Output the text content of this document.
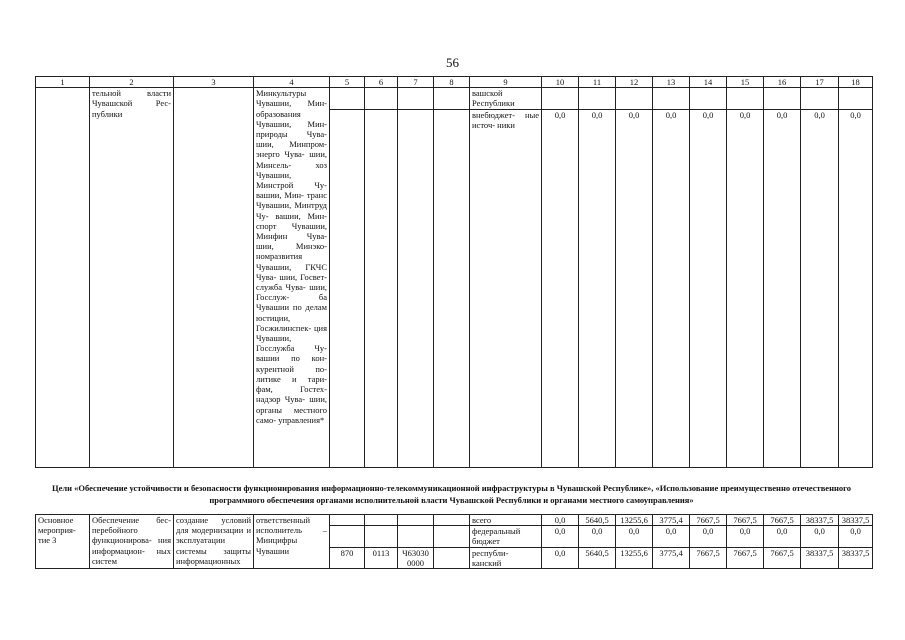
56
1	2	3	4	5	6	7	8	9	10	11	12	13	14	15	16	17	18
	тельной власти Чувашской Рес- публики		Минкультуры Чувашии, Мин- образования Чувашии, Мин- природы Чува- шии, Минпром- энерго Чува- шии, Минсель- хоз Чувашии, Минстрой Чу- вашии, Мин- транс Чувашии, Минтруд Чу- вашии, Мин- спорт Чувашии, Минфин Чува- шии, Минэко- номразвития Чувашии, ГКЧС Чува- шии, Госвет- служба Чува- шии, Госслуж- ба Чувашии по делам юстиции, Госжилинспек- ция Чувашии, Госслужба Чу- вашии по кон- курентной по- литике и тари- фам, Гостех- надзор Чува- шии, органы местного само- управления*					вашской Республики									
								внебюджет- ные источ- ники	0,0	0,0	0,0	0,0	0,0	0,0	0,0	0,0	0,0
Цели «Обеспечение устойчивости и безопасности функционирования информационно-телекоммуникационной инфраструктуры в Чувашской Республике», «Использование преимущественно отечественного программного обеспечения органами исполнительной власти Чувашской Республики и органами местного самоуправления»
Основное мероприя- тие 3	Обеспечение бес- перебойного функционирова- ния информацион- ных систем	создание условий для модернизации и эксплуатации системы защиты информационных	ответственный исполнитель – Минцифры Чувашии					всего	0,0	5640,5	13255,6	3775,4	7667,5	7667,5	7667,5	38337,5	38337,5
								федеральный бюджет	0,0	0,0	0,0	0,0	0,0	0,0	0,0	0,0	0,0
				870	0113	Ч63030 0000		республи- канский	0,0	5640,5	13255,6	3775,4	7667,5	7667,5	7667,5	38337,5	38337,5
